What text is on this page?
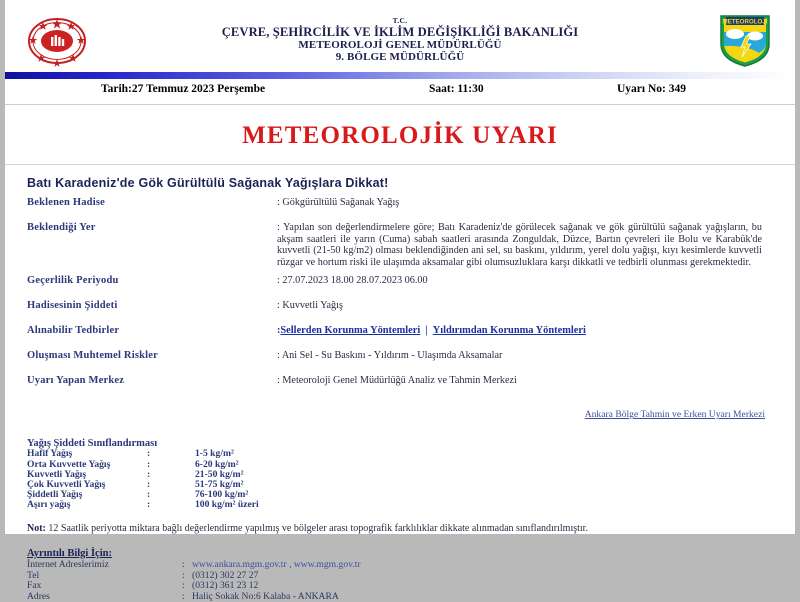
T.C.
ÇEVRE, ŞEHİRCİLİK VE İKLİM DEĞİŞİKLİĞİ BAKANLIĞI
METEOROLOJİ GENEL MÜDÜRLÜĞÜ
9. BÖLGE MÜDÜRLÜĞÜ
METEOROLOJİ
Tarih:27 Temmuz 2023 Perşembe	Saat: 11:30	Uyarı No: 349
METEOROLOJİK UYARI
Batı Karadeniz'de Gök Gürültülü Sağanak Yağışlara Dikkat!
Beklenen Hadise	: Gökgürültülü Sağanak Yağış
Beklendiği Yer	: Yapılan son değerlendirmelere göre; Batı Karadeniz'de görülecek sağanak ve gök gürültülü sağanak yağışların, bu akşam saatleri ile yarın (Cuma) sabah saatleri arasında Zonguldak, Düzce, Bartın çevreleri ile Bolu ve Karabük'de kuvvetli (21-50 kg/m2) olması beklendiğinden ani sel, su baskını, yıldırım, yerel dolu yağışı, kıyı kesimlerde kuvvetli rüzgar ve hortum riski ile ulaşımda aksamalar gibi olumsuzluklara karşı dikkatli ve tedbirli olunması gerekmektedir.
Geçerlilik Periyodu	: 27.07.2023 18.00 28.07.2023 06.00
Hadisesinin Şiddeti	: Kuvvetli Yağış
Alınabilir Tedbirler	:Sellerden Korunma Yöntemleri | Yıldırımdan Korunma Yöntemleri
Oluşması Muhtemel Riskler	: Ani Sel - Su Baskını - Yıldırım - Ulaşımda Aksamalar
Uyarı Yapan Merkez	: Meteoroloji Genel Müdürlüğü Analiz ve Tahmin Merkezi
Ankara Bölge Tahmin ve Erken Uyarı Merkezi
Yağış Şiddeti Sınıflandırması
Hafif Yağış	:	1-5 kg/m²
Orta Kuvvette Yağış	:	6-20 kg/m²
Kuvvetli Yağış	:	21-50 kg/m²
Çok Kuvvetli Yağış	:	51-75 kg/m²
Şiddetli Yağış	:	76-100 kg/m²
Aşırı yağış	:	100 kg/m² üzeri
Not: 12 Saatlik periyotta miktara bağlı değerlendirme yapılmış ve bölgeler arası topografik farklılıklar dikkate alınmadan sınıflandırılmıştır.
Ayrıntılı Bilgi İçin:
İnternet Adreslerimiz	:	www.ankara.mgm.gov.tr , www.mgm.gov.tr
Tel	:	(0312) 302 27 27
Fax	:	(0312) 361 23 12
Adres	:	Haliç Sokak No:6 Kalaba - ANKARA
